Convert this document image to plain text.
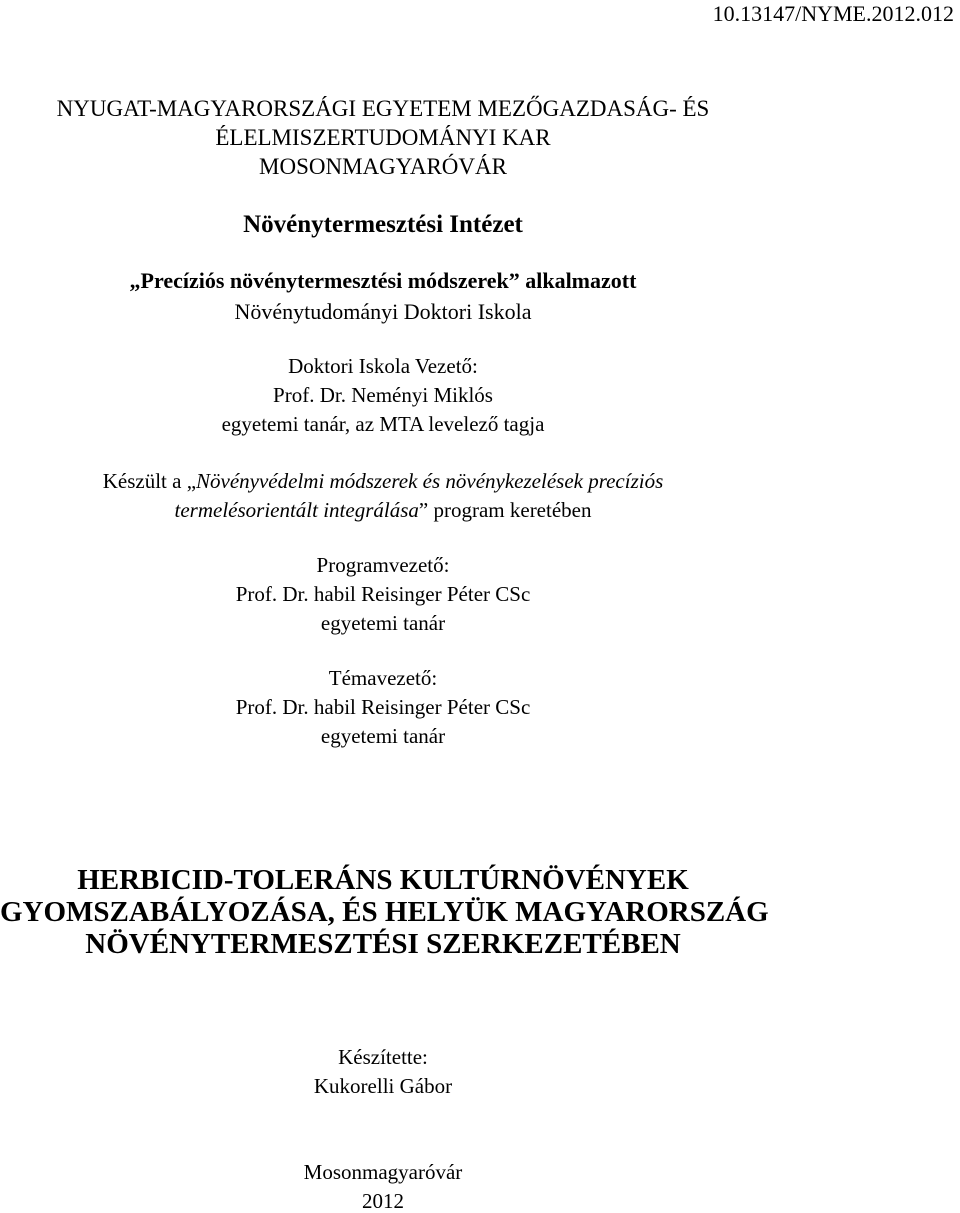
10.13147/NYME.2012.012
NYUGAT-MAGYARORSZÁGI EGYETEM MEZŐGAZDASÁG- ÉS
ÉLELMISZERTUDOMÁNYI KAR
MOSONMAGYARÓVÁR
Növénytermesztési Intézet
„Precíziós növénytermesztési módszerek” alkalmazott
Növénytudományi Doktori Iskola
Doktori Iskola Vezető:
Prof. Dr. Neményi Miklós
egyetemi tanár, az MTA levelező tagja
Készült a „Növényvédelmi módszerek és növénykezelések precíziós
termelésorientált integrálása” program keretében
Programvezető:
Prof. Dr. habil Reisinger Péter CSc
egyetemi tanár
Témavezető:
Prof. Dr. habil Reisinger Péter CSc
egyetemi tanár
HERBICID-TOLERÁNS KULTÚRNÖVÉNYEK
GYOMSZABÁLYOZÁSA, ÉS HELYÜK MAGYARORSZÁG
NÖVÉNYTERMESZTÉSI SZERKEZETÉBEN
Készítette:
Kukorelli Gábor
Mosonmagyaróvár
2012
